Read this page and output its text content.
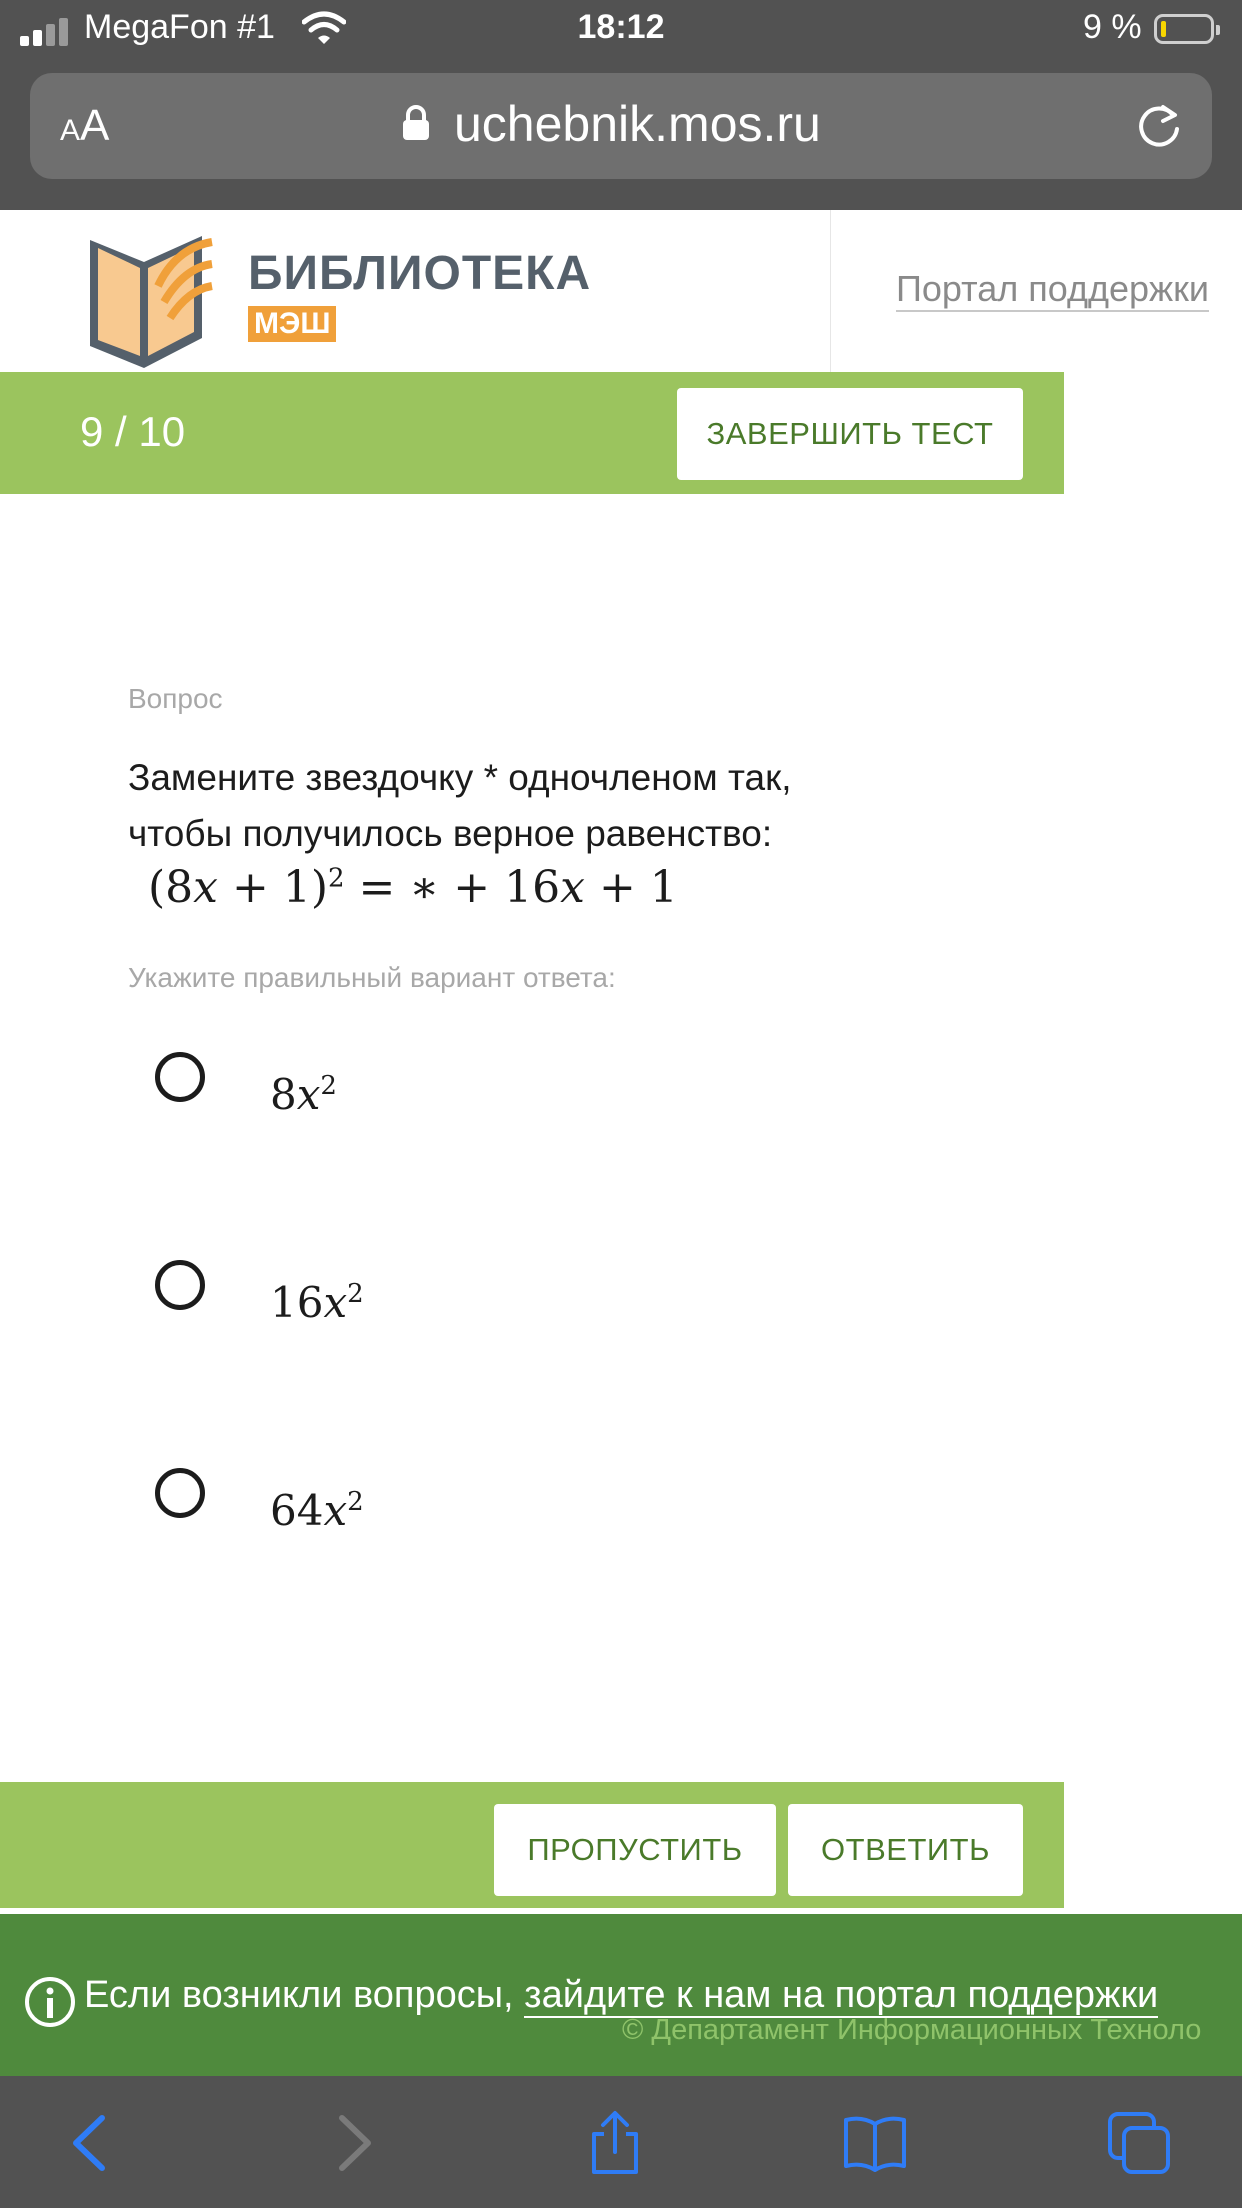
MegaFon #1	18:12	9 %
AA	uchebnik.mos.ru
БИБЛИОТЕКА
МЭШ
Портал поддержки
9 / 10	ЗАВЕРШИТЬ ТЕСТ
Вопрос
Замените звездочку * одночленом так,
чтобы получилось верное равенство:
$(8x + 1)^2$ = ∗ + 16x + 1
Укажите правильный вариант ответа:
$8x^2$
$16x^2$
$64x^2$
ПРОПУСТИТЬ	ОТВЕТИТЬ
Если возникли вопросы, зайдите к нам на портал поддержки
© Департамент Информационных Техноло
